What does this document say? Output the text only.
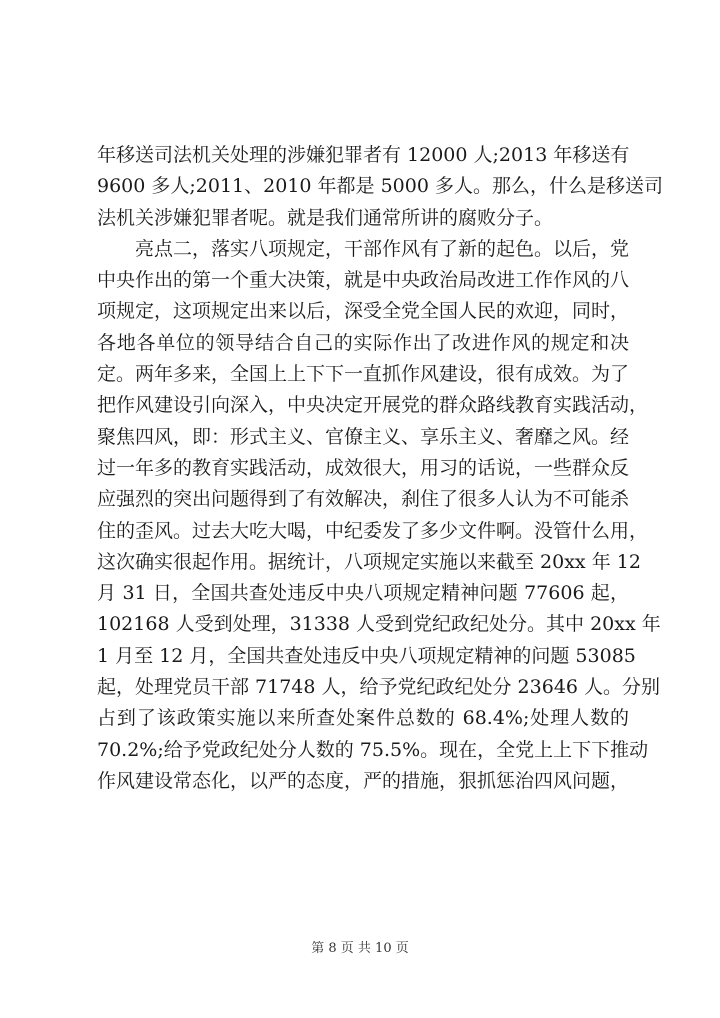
年移送司法机关处理的涉嫌犯罪者有 12000 人;2013 年移送有
9600 多人;2011、2010 年都是 5000 多人。那么，什么是移送司
法机关涉嫌犯罪者呢。就是我们通常所讲的腐败分子。
　　亮点二，落实八项规定，干部作风有了新的起色。以后，党
中央作出的第一个重大决策，就是中央政治局改进工作作风的八
项规定，这项规定出来以后，深受全党全国人民的欢迎，同时，
各地各单位的领导结合自己的实际作出了改进作风的规定和决
定。两年多来，全国上上下下一直抓作风建设，很有成效。为了
把作风建设引向深入，中央决定开展党的群众路线教育实践活动，
聚焦四风，即：形式主义、官僚主义、享乐主义、奢靡之风。经
过一年多的教育实践活动，成效很大，用习的话说，一些群众反
应强烈的突出问题得到了有效解决，刹住了很多人认为不可能杀
住的歪风。过去大吃大喝，中纪委发了多少文件啊。没管什么用，
这次确实很起作用。据统计，八项规定实施以来截至 20xx 年 12
月 31 日，全国共查处违反中央八项规定精神问题 77606 起，
102168 人受到处理，31338 人受到党纪政纪处分。其中 20xx 年
1 月至 12 月，全国共查处违反中央八项规定精神的问题 53085
起，处理党员干部 71748 人，给予党纪政纪处分 23646 人。分别
占到了该政策实施以来所查处案件总数的 68.4%;处理人数的
70.2%;给予党政纪处分人数的 75.5%。现在，全党上上下下推动
作风建设常态化，以严的态度，严的措施，狠抓惩治四风问题，
第 8 页 共 10 页
